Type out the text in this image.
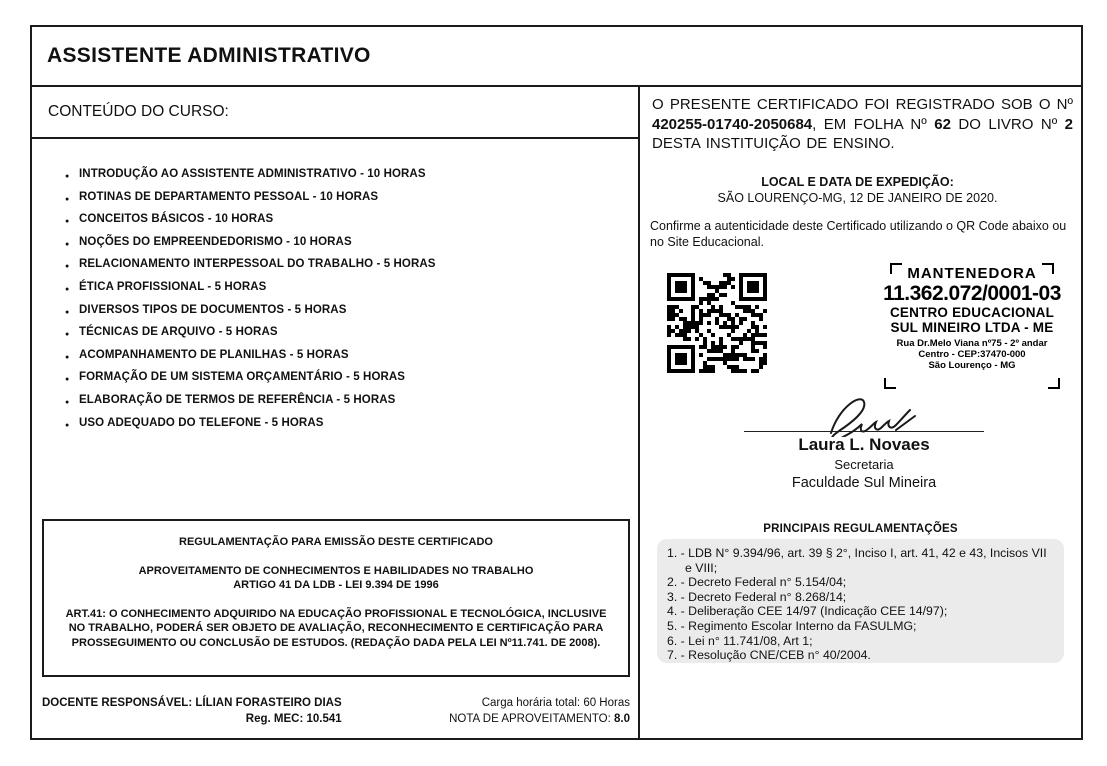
ASSISTENTE ADMINISTRATIVO
CONTEÚDO DO CURSO:
● INTRODUÇÃO AO ASSISTENTE ADMINISTRATIVO - 10 HORAS
● ROTINAS DE DEPARTAMENTO PESSOAL - 10 HORAS
● CONCEITOS BÁSICOS - 10 HORAS
● NOÇÕES DO EMPREENDEDORISMO - 10 HORAS
● RELACIONAMENTO INTERPESSOAL DO TRABALHO - 5 HORAS
● ÉTICA PROFISSIONAL - 5 HORAS
● DIVERSOS TIPOS DE DOCUMENTOS - 5 HORAS
● TÉCNICAS DE ARQUIVO - 5 HORAS
● ACOMPANHAMENTO DE PLANILHAS - 5 HORAS
● FORMAÇÃO DE UM SISTEMA ORÇAMENTÁRIO - 5 HORAS
● ELABORAÇÃO DE TERMOS DE REFERÊNCIA - 5 HORAS
● USO ADEQUADO DO TELEFONE - 5 HORAS
REGULAMENTAÇÃO PARA EMISSÃO DESTE CERTIFICADO
APROVEITAMENTO DE CONHECIMENTOS E HABILIDADES NO TRABALHO
ARTIGO 41 DA LDB - LEI 9.394 DE 1996
ART.41: O CONHECIMENTO ADQUIRIDO NA EDUCAÇÃO PROFISSIONAL E TECNOLÓGICA, INCLUSIVE NO TRABALHO, PODERÁ SER OBJETO DE AVALIAÇÃO, RECONHECIMENTO E CERTIFICAÇÃO PARA PROSSEGUIMENTO OU CONCLUSÃO DE ESTUDOS. (REDAÇÃO DADA PELA LEI Nº11.741. DE 2008).
DOCENTE RESPONSÁVEL: LÍLIAN FORASTEIRO DIAS
Reg. MEC: 10.541
Carga horária total: 60 Horas
NOTA DE APROVEITAMENTO: 8.0

O PRESENTE CERTIFICADO FOI REGISTRADO SOB O Nº 420255-01740-2050684, EM FOLHA Nº 62 DO LIVRO Nº 2 DESTA INSTITUIÇÃO DE ENSINO.

LOCAL E DATA DE EXPEDIÇÃO:
SÃO LOURENÇO-MG, 12 DE JANEIRO DE 2020.

Confirme a autenticidade deste Certificado utilizando o QR Code abaixo ou no Site Educacional.

MANTENEDORA
11.362.072/0001-03
CENTRO EDUCACIONAL
SUL MINEIRO LTDA - ME
Rua Dr.Melo Viana nº75 - 2º andar
Centro - CEP:37470-000
São Lourenço - MG
Laura L. Novaes
Secretaria
Faculdade Sul Mineira
PRINCIPAIS REGULAMENTAÇÕES
1. - LDB N° 9.394/96, art. 39 § 2°, Inciso I, art. 41, 42 e 43, Incisos VII e VIII;
2. - Decreto Federal n° 5.154/04;
3. - Decreto Federal n° 8.268/14;
4. - Deliberação CEE 14/97 (Indicação CEE 14/97);
5. - Regimento Escolar Interno da FASULMG;
6. - Lei n° 11.741/08, Art 1;
7. - Resolução CNE/CEB n° 40/2004.
